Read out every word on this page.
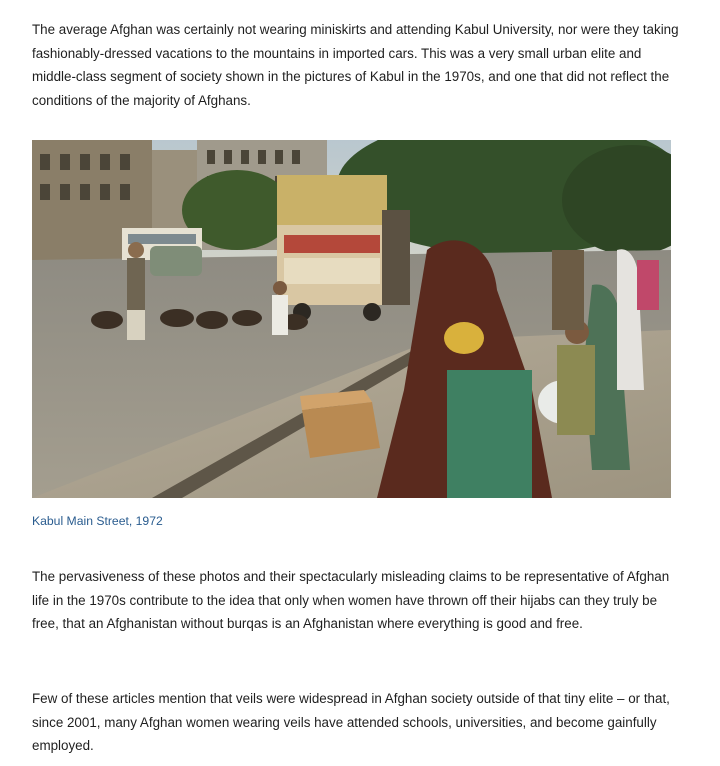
The average Afghan was certainly not wearing miniskirts and attending Kabul University, nor were they taking fashionably-dressed vacations to the mountains in imported cars. This was a very small urban elite and middle-class segment of society shown in the pictures of Kabul in the 1970s, and one that did not reflect the conditions of the majority of Afghans.

Kabul Main Street, 1972

The pervasiveness of these photos and their spectacularly misleading claims to be representative of Afghan life in the 1970s contribute to the idea that only when women have thrown off their hijabs can they truly be free, that an Afghanistan without burqas is an Afghanistan where everything is good and free.

Few of these articles mention that veils were widespread in Afghan society outside of that tiny elite – or that, since 2001, many Afghan women wearing veils have attended schools, universities, and become gainfully employed.
